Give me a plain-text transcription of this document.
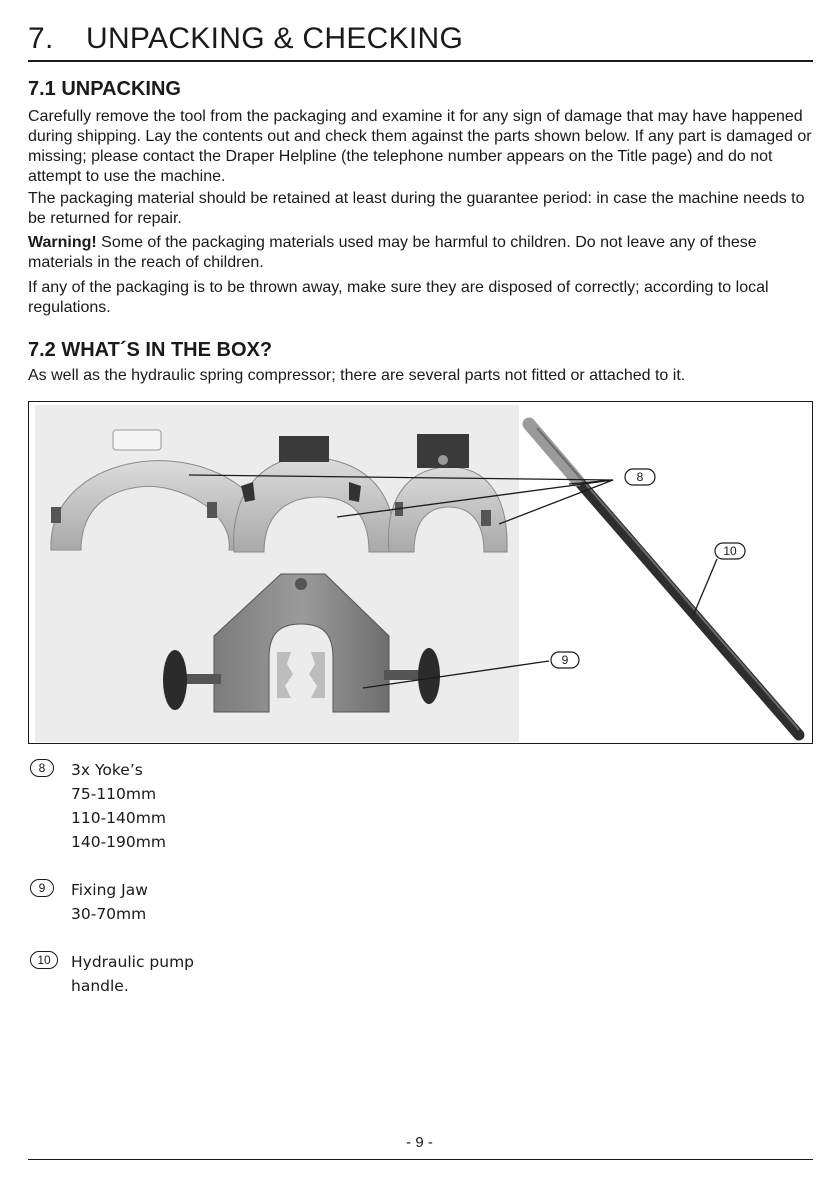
7. UNPACKING & CHECKING
7.1 UNPACKING

Carefully remove the tool from the packaging and examine it for any sign of damage that may have happened during shipping. Lay the contents out and check them against the parts shown below. If any part is damaged or missing; please contact the Draper Helpline (the telephone number appears on the Title page) and do not attempt to use the machine.

The packaging material should be retained at least during the guarantee period: in case the machine needs to be returned for repair.

Warning! Some of the packaging materials used may be harmful to children. Do not leave any of these materials in the reach of children.

If any of the packaging is to be thrown away, make sure they are disposed of correctly; according to local regulations.

7.2 WHAT´S IN THE BOX?

As well as the hydraulic spring compressor; there are several parts not fitted or attached to it.

8
10
9
8	3x Yoke’s
75-110mm
110-140mm
140-190mm
9	Fixing Jaw
30-70mm
10	Hydraulic pump
handle.
- 9 -
